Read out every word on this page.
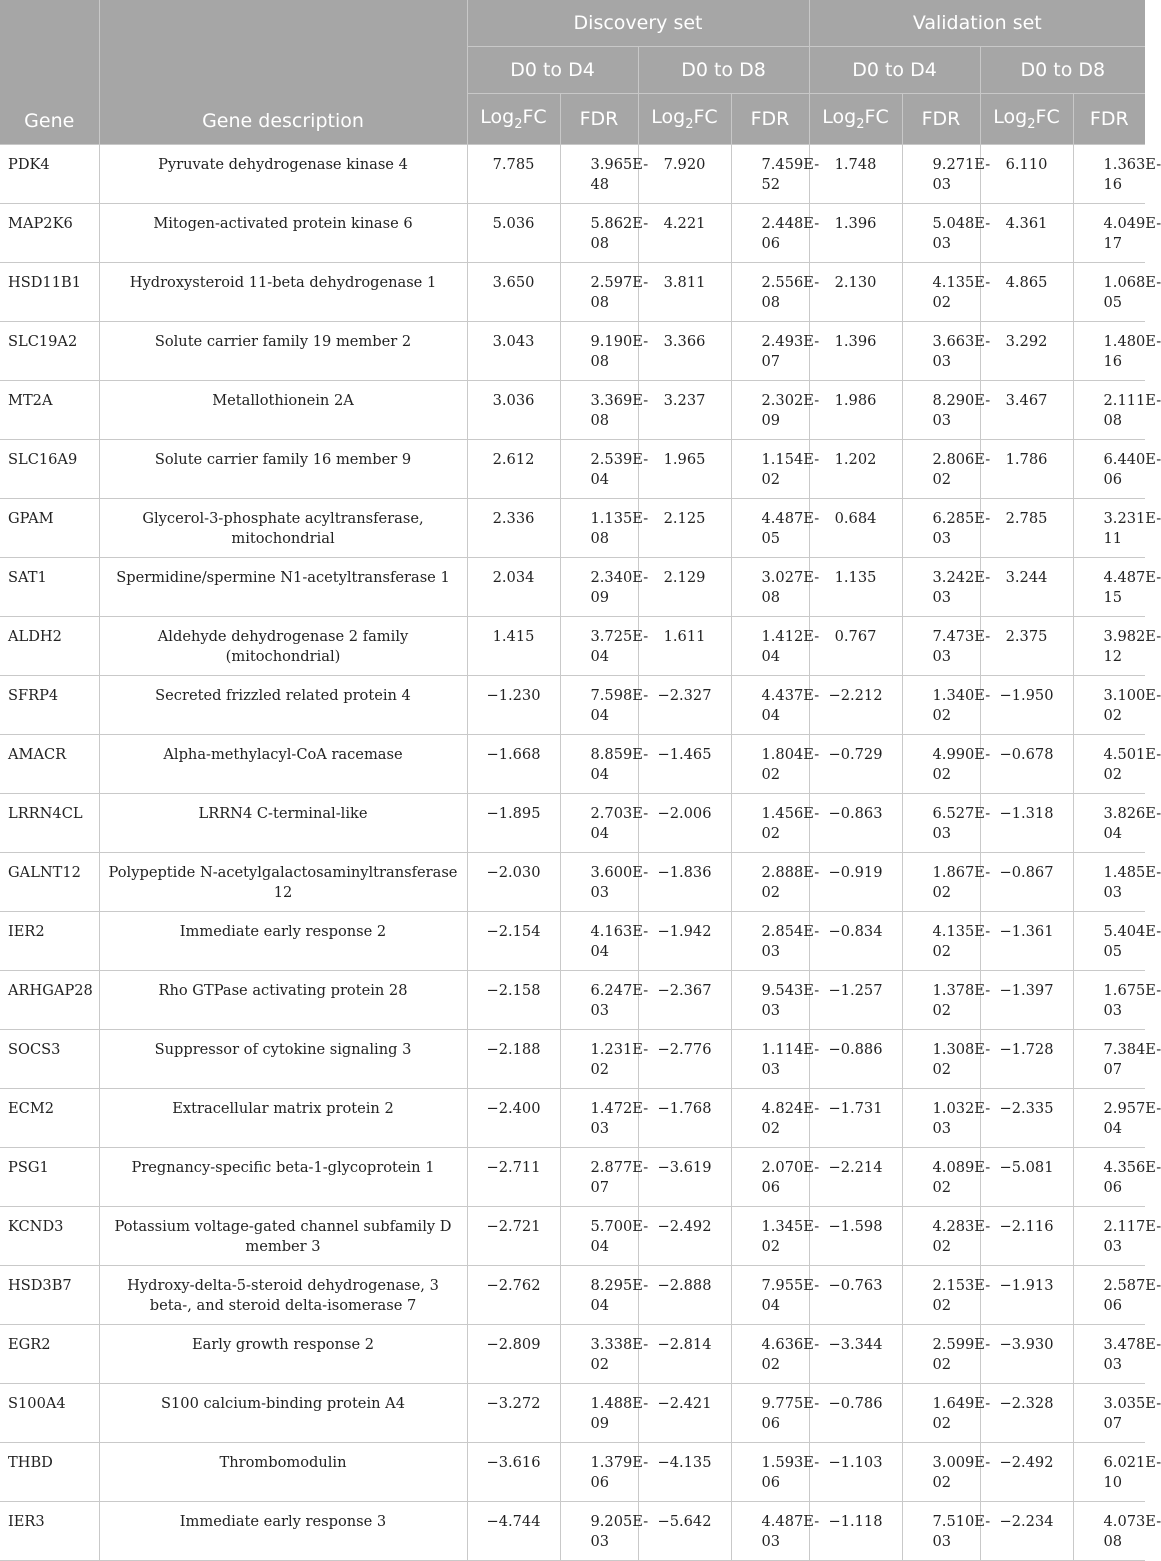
Gene	Gene description	Discovery set				Validation set			
		D0 to D4		D0 to D8		D0 to D4		D0 to D8	
		Log$_2$FC	FDR	Log$_2$FC	FDR	Log$_2$FC	FDR	Log$_2$FC	FDR
PDK4	Pyruvate dehydrogenase kinase 4	7.785	3.965E-48	7.920	7.459E-52	1.748	9.271E-03	6.110	1.363E-16
MAP2K6	Mitogen-activated protein kinase 6	5.036	5.862E-08	4.221	2.448E-06	1.396	5.048E-03	4.361	4.049E-17
HSD11B1	Hydroxysteroid 11-beta dehydrogenase 1	3.650	2.597E-08	3.811	2.556E-08	2.130	4.135E-02	4.865	1.068E-05
SLC19A2	Solute carrier family 19 member 2	3.043	9.190E-08	3.366	2.493E-07	1.396	3.663E-03	3.292	1.480E-16
MT2A	Metallothionein 2A	3.036	3.369E-08	3.237	2.302E-09	1.986	8.290E-03	3.467	2.111E-08
SLC16A9	Solute carrier family 16 member 9	2.612	2.539E-04	1.965	1.154E-02	1.202	2.806E-02	1.786	6.440E-06
GPAM	Glycerol-3-phosphate acyltransferase, mitochondrial	2.336	1.135E-08	2.125	4.487E-05	0.684	6.285E-03	2.785	3.231E-11
SAT1	Spermidine/spermine N1-acetyltransferase 1	2.034	2.340E-09	2.129	3.027E-08	1.135	3.242E-03	3.244	4.487E-15
ALDH2	Aldehyde dehydrogenase 2 family (mitochondrial)	1.415	3.725E-04	1.611	1.412E-04	0.767	7.473E-03	2.375	3.982E-12
SFRP4	Secreted frizzled related protein 4	−1.230	7.598E-04	−2.327	4.437E-04	−2.212	1.340E-02	−1.950	3.100E-02
AMACR	Alpha-methylacyl-CoA racemase	−1.668	8.859E-04	−1.465	1.804E-02	−0.729	4.990E-02	−0.678	4.501E-02
LRRN4CL	LRRN4 C-terminal-like	−1.895	2.703E-04	−2.006	1.456E-02	−0.863	6.527E-03	−1.318	3.826E-04
GALNT12	Polypeptide N-acetylgalactosaminyltransferase 12	−2.030	3.600E-03	−1.836	2.888E-02	−0.919	1.867E-02	−0.867	1.485E-03
IER2	Immediate early response 2	−2.154	4.163E-04	−1.942	2.854E-03	−0.834	4.135E-02	−1.361	5.404E-05
ARHGAP28	Rho GTPase activating protein 28	−2.158	6.247E-03	−2.367	9.543E-03	−1.257	1.378E-02	−1.397	1.675E-03
SOCS3	Suppressor of cytokine signaling 3	−2.188	1.231E-02	−2.776	1.114E-03	−0.886	1.308E-02	−1.728	7.384E-07
ECM2	Extracellular matrix protein 2	−2.400	1.472E-03	−1.768	4.824E-02	−1.731	1.032E-03	−2.335	2.957E-04
PSG1	Pregnancy-specific beta-1-glycoprotein 1	−2.711	2.877E-07	−3.619	2.070E-06	−2.214	4.089E-02	−5.081	4.356E-06
KCND3	Potassium voltage-gated channel subfamily D member 3	−2.721	5.700E-04	−2.492	1.345E-02	−1.598	4.283E-02	−2.116	2.117E-03
HSD3B7	Hydroxy-delta-5-steroid dehydrogenase, 3 beta-, and steroid delta-isomerase 7	−2.762	8.295E-04	−2.888	7.955E-04	−0.763	2.153E-02	−1.913	2.587E-06
EGR2	Early growth response 2	−2.809	3.338E-02	−2.814	4.636E-02	−3.344	2.599E-02	−3.930	3.478E-03
S100A4	S100 calcium-binding protein A4	−3.272	1.488E-09	−2.421	9.775E-06	−0.786	1.649E-02	−2.328	3.035E-07
THBD	Thrombomodulin	−3.616	1.379E-06	−4.135	1.593E-06	−1.103	3.009E-02	−2.492	6.021E-10
IER3	Immediate early response 3	−4.744	9.205E-03	−5.642	4.487E-03	−1.118	7.510E-03	−2.234	4.073E-08
